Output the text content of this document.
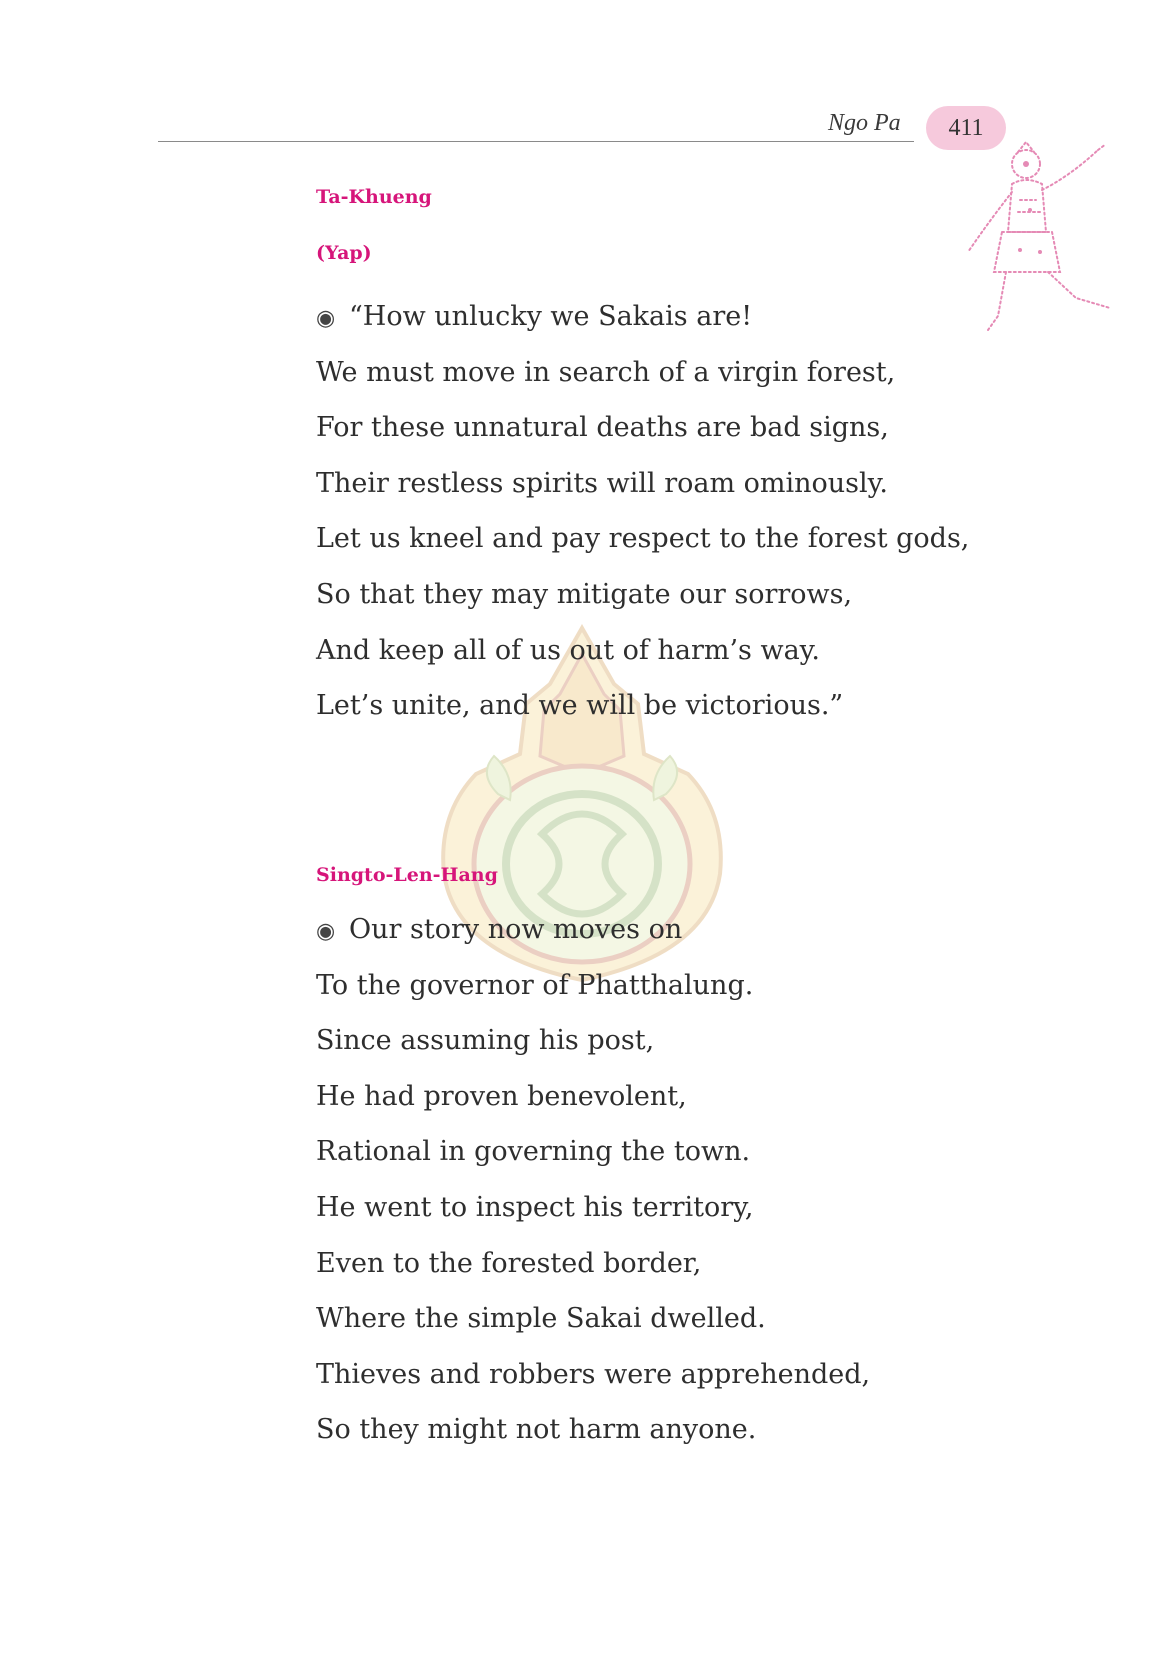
Ngo Pa 411
Ta-Khueng
(Yap)
◉ “How unlucky we Sakais are!
We must move in search of a virgin forest,
For these unnatural deaths are bad signs,
Their restless spirits will roam ominously.
Let us kneel and pay respect to the forest gods,
So that they may mitigate our sorrows,
And keep all of us out of harm’s way.
Let’s unite, and we will be victorious.”
Singto-Len-Hang
◉ Our story now moves on
To the governor of Phatthalung.
Since assuming his post,
He had proven benevolent,
Rational in governing the town.
He went to inspect his territory,
Even to the forested border,
Where the simple Sakai dwelled.
Thieves and robbers were apprehended,
So they might not harm anyone.
